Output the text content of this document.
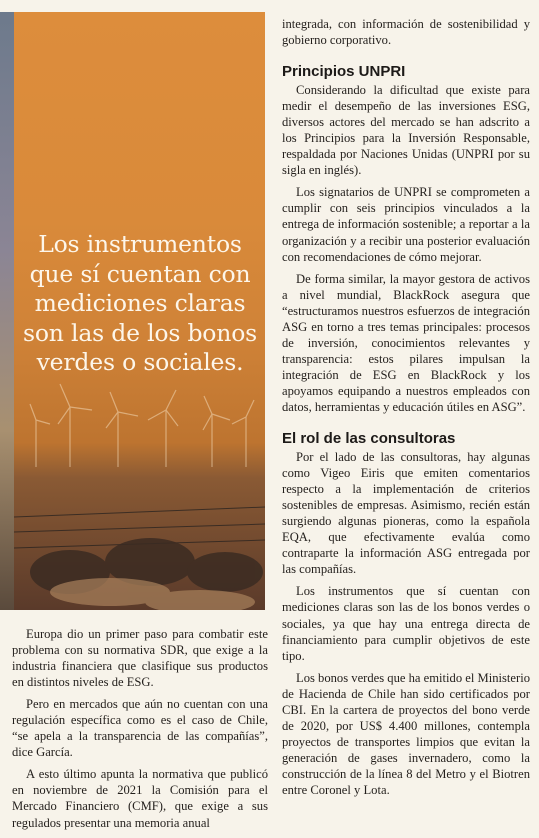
Los instrumentos que sí cuentan con mediciones claras son las de los bonos verdes o sociales.

Europa dio un primer paso para combatir este problema con su normativa SDR, que exige a la industria financiera que clasifique sus productos en distintos niveles de ESG.

Pero en mercados que aún no cuentan con una regulación específica como es el caso de Chile, “se apela a la transparencia de las compañías”, dice García.

A esto último apunta la normativa que publicó en noviembre de 2021 la Comisión para el Mercado Financiero (CMF), que exige a sus regulados presentar una memoria anual

integrada, con información de sostenibilidad y gobierno corporativo.

Principios UNPRI

Considerando la dificultad que existe para medir el desempeño de las inversiones ESG, diversos actores del mercado se han adscrito a los Principios para la Inversión Responsable, respaldada por Naciones Unidas (UNPRI por su sigla en inglés).

Los signatarios de UNPRI se comprometen a cumplir con seis principios vinculados a la entrega de información sostenible; a reportar a la organización y a recibir una posterior evaluación con recomendaciones de cómo mejorar.

De forma similar, la mayor gestora de activos a nivel mundial, BlackRock asegura que “estructuramos nuestros esfuerzos de integración ASG en torno a tres temas principales: procesos de inversión, conocimientos relevantes y transparencia: estos pilares impulsan la integración de ESG en BlackRock y los apoyamos equipando a nuestros empleados con datos, herramientas y educación útiles en ASG”.

El rol de las consultoras

Por el lado de las consultoras, hay algunas como Vigeo Eiris que emiten comentarios respecto a la implementación de criterios sostenibles de empresas. Asimismo, recién están surgiendo algunas pioneras, como la española EQA, que efectivamente evalúa como contraparte la información ASG entregada por las compañías.

Los instrumentos que sí cuentan con mediciones claras son las de los bonos verdes o sociales, ya que hay una entrega directa de financiamiento para cumplir objetivos de este tipo.

Los bonos verdes que ha emitido el Ministerio de Hacienda de Chile han sido certificados por CBI. En la cartera de proyectos del bono verde de 2020, por US$ 4.400 millones, contempla proyectos de transportes limpios que evitan la generación de gases invernadero, como la construcción de la línea 8 del Metro y el Biotren entre Coronel y Lota.
